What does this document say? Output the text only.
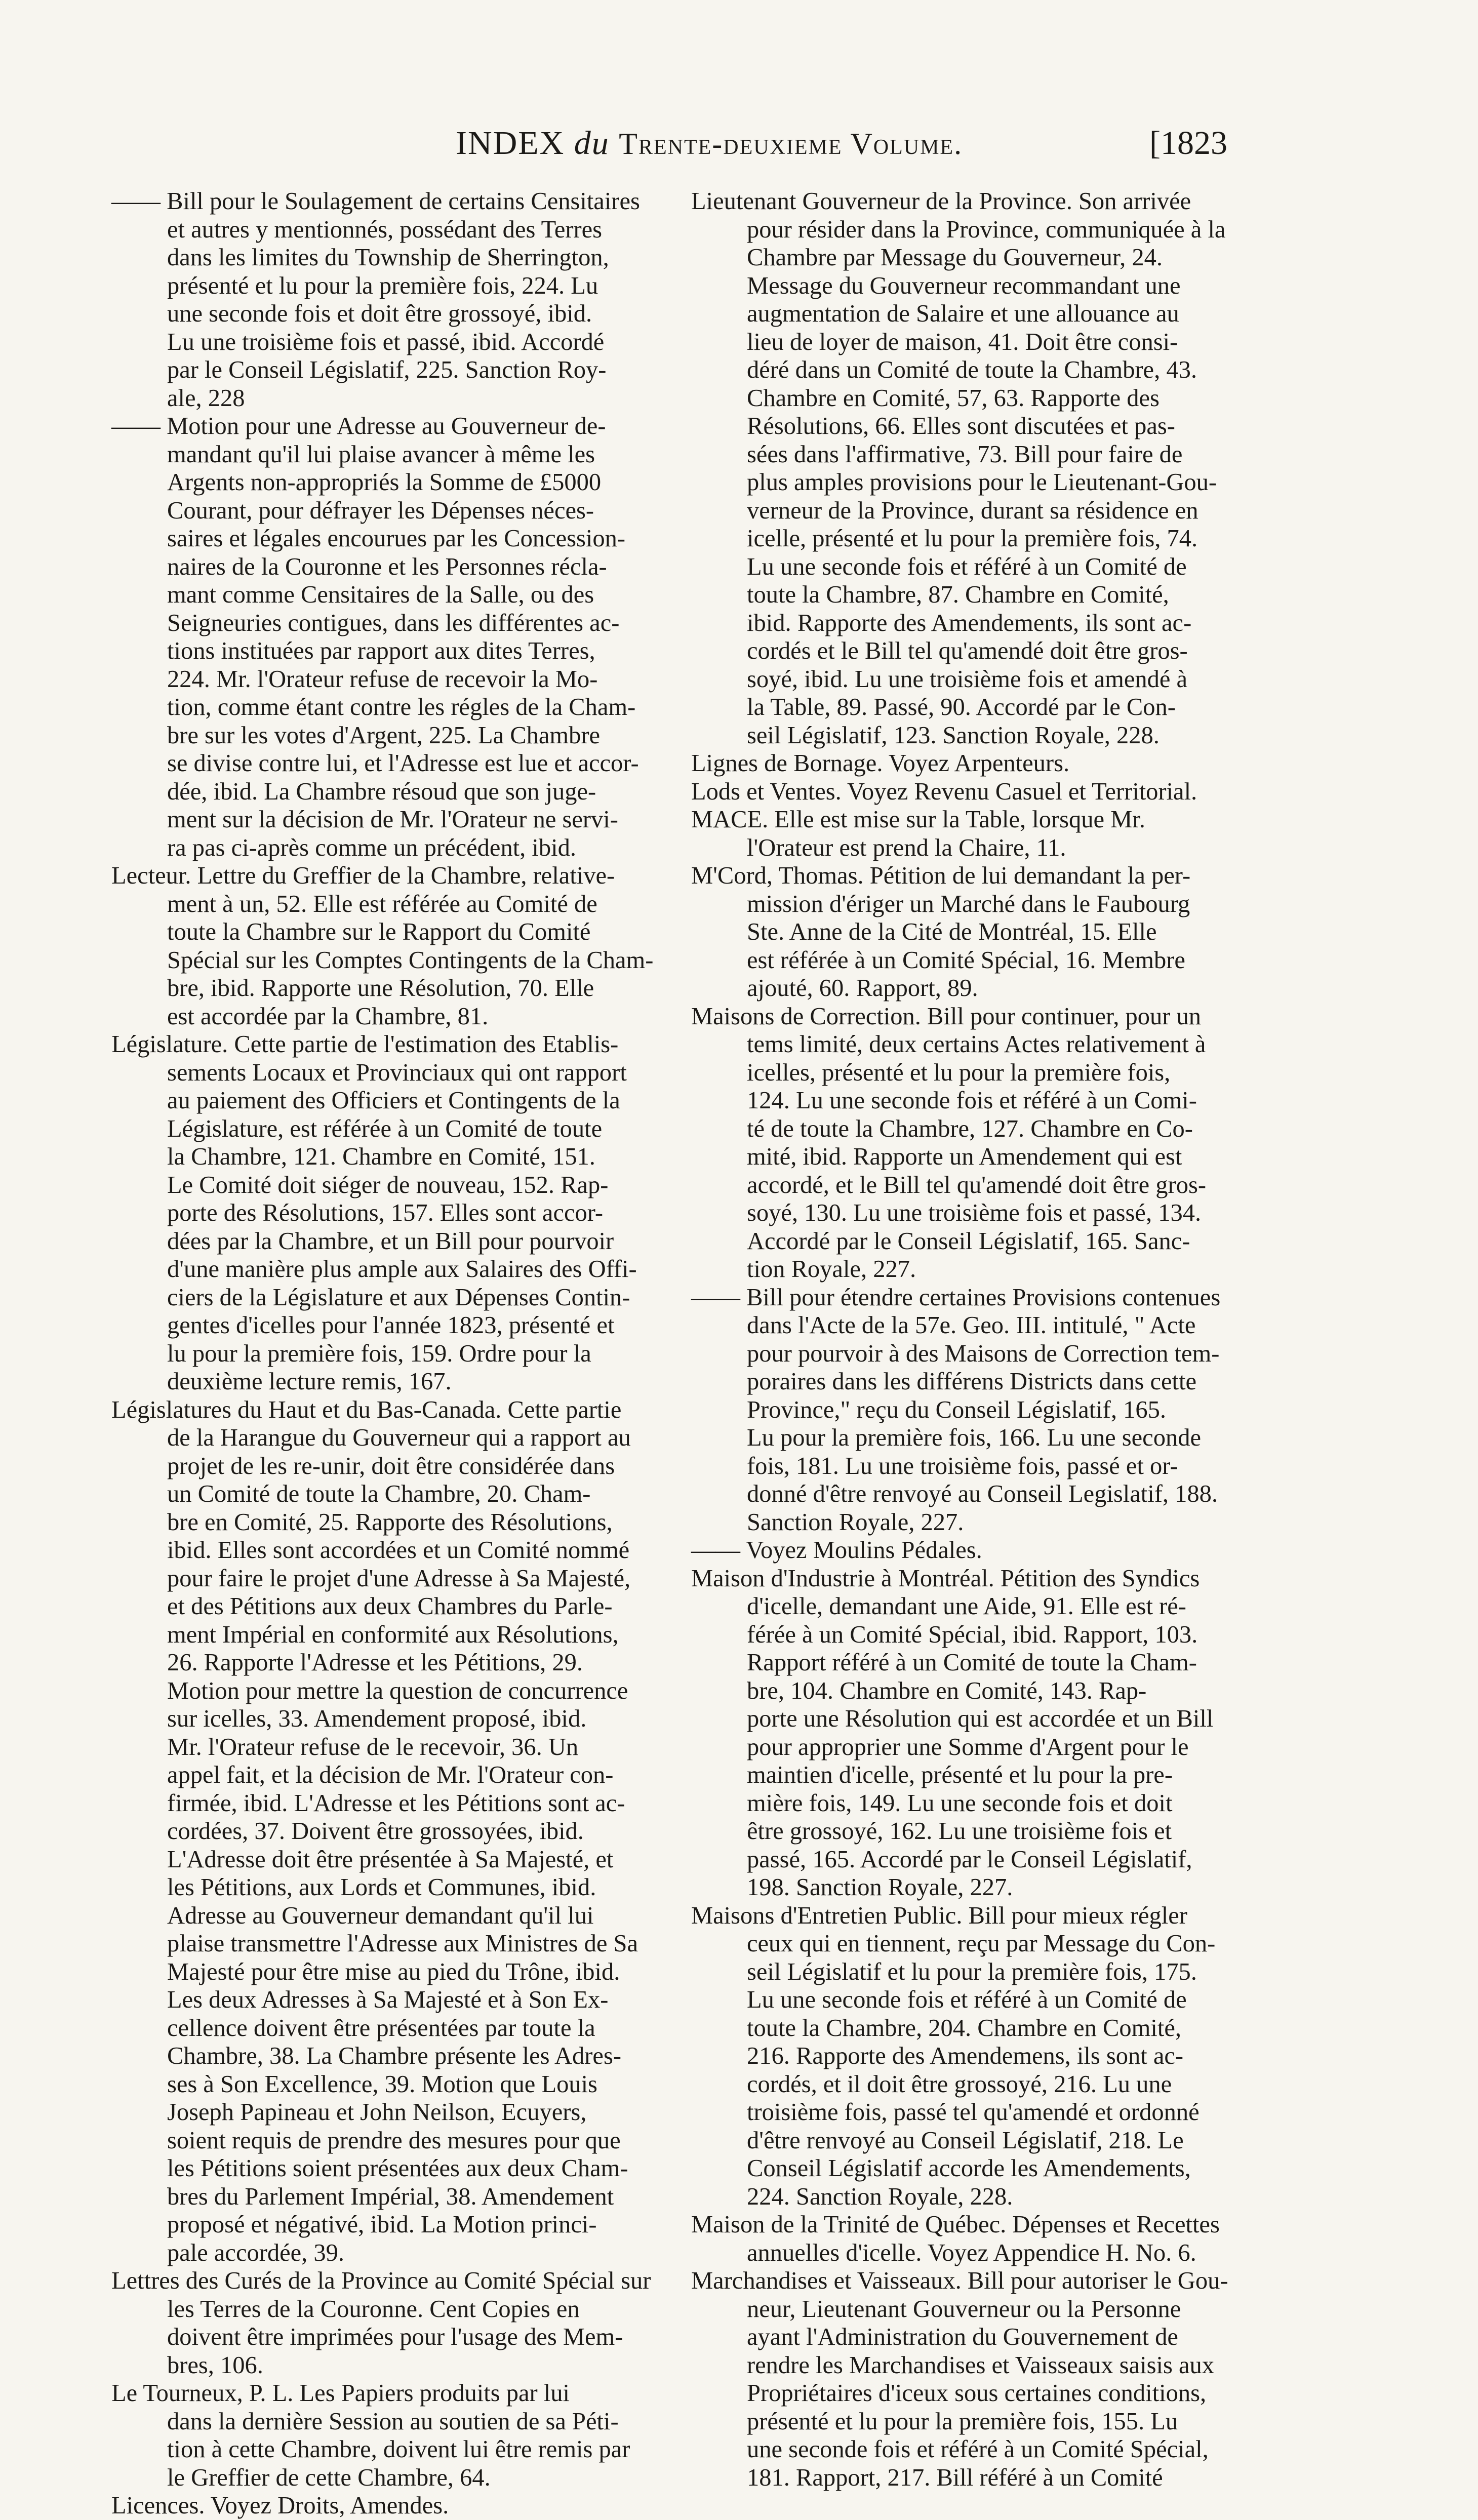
INDEX du Trente-deuxieme Volume.	[1823
—— Bill pour le Soulagement de certains Censitaires
et autres y mentionnés, possédant des Terres
dans les limites du Township de Sherrington,
présenté et lu pour la première fois, 224. Lu
une seconde fois et doit être grossoyé, ibid.
Lu une troisième fois et passé, ibid. Accordé
par le Conseil Législatif, 225. Sanction Roy-
ale, 228
—— Motion pour une Adresse au Gouverneur de-
mandant qu'il lui plaise avancer à même les
Argents non-appropriés la Somme de £5000
Courant, pour défrayer les Dépenses néces-
saires et légales encourues par les Concession-
naires de la Couronne et les Personnes récla-
mant comme Censitaires de la Salle, ou des
Seigneuries contigues, dans les différentes ac-
tions instituées par rapport aux dites Terres,
224. Mr. l'Orateur refuse de recevoir la Mo-
tion, comme étant contre les régles de la Cham-
bre sur les votes d'Argent, 225. La Chambre
se divise contre lui, et l'Adresse est lue et accor-
dée, ibid. La Chambre résoud que son juge-
ment sur la décision de Mr. l'Orateur ne servi-
ra pas ci-après comme un précédent, ibid.
Lecteur. Lettre du Greffier de la Chambre, relative-
ment à un, 52. Elle est référée au Comité de
toute la Chambre sur le Rapport du Comité
Spécial sur les Comptes Contingents de la Cham-
bre, ibid. Rapporte une Résolution, 70. Elle
est accordée par la Chambre, 81.
Législature. Cette partie de l'estimation des Etablis-
sements Locaux et Provinciaux qui ont rapport
au paiement des Officiers et Contingents de la
Législature, est référée à un Comité de toute
la Chambre, 121. Chambre en Comité, 151.
Le Comité doit siéger de nouveau, 152. Rap-
porte des Résolutions, 157. Elles sont accor-
dées par la Chambre, et un Bill pour pourvoir
d'une manière plus ample aux Salaires des Offi-
ciers de la Législature et aux Dépenses Contin-
gentes d'icelles pour l'année 1823, présenté et
lu pour la première fois, 159. Ordre pour la
deuxième lecture remis, 167.
Législatures du Haut et du Bas-Canada. Cette partie
de la Harangue du Gouverneur qui a rapport au
projet de les re-unir, doit être considérée dans
un Comité de toute la Chambre, 20. Cham-
bre en Comité, 25. Rapporte des Résolutions,
ibid. Elles sont accordées et un Comité nommé
pour faire le projet d'une Adresse à Sa Majesté,
et des Pétitions aux deux Chambres du Parle-
ment Impérial en conformité aux Résolutions,
26. Rapporte l'Adresse et les Pétitions, 29.
Motion pour mettre la question de concurrence
sur icelles, 33. Amendement proposé, ibid.
Mr. l'Orateur refuse de le recevoir, 36. Un
appel fait, et la décision de Mr. l'Orateur con-
firmée, ibid. L'Adresse et les Pétitions sont ac-
cordées, 37. Doivent être grossoyées, ibid.
L'Adresse doit être présentée à Sa Majesté, et
les Pétitions, aux Lords et Communes, ibid.
Adresse au Gouverneur demandant qu'il lui
plaise transmettre l'Adresse aux Ministres de Sa
Majesté pour être mise au pied du Trône, ibid.
Les deux Adresses à Sa Majesté et à Son Ex-
cellence doivent être présentées par toute la
Chambre, 38. La Chambre présente les Adres-
ses à Son Excellence, 39. Motion que Louis
Joseph Papineau et John Neilson, Ecuyers,
soient requis de prendre des mesures pour que
les Pétitions soient présentées aux deux Cham-
bres du Parlement Impérial, 38. Amendement
proposé et négativé, ibid. La Motion princi-
pale accordée, 39.
Lettres des Curés de la Province au Comité Spécial sur
les Terres de la Couronne. Cent Copies en
doivent être imprimées pour l'usage des Mem-
bres, 106.
Le Tourneux, P. L. Les Papiers produits par lui
dans la dernière Session au soutien de sa Péti-
tion à cette Chambre, doivent lui être remis par
le Greffier de cette Chambre, 64.
Licences. Voyez Droits, Amendes.
Lieutenant Gouverneur de la Province. Son arrivée
pour résider dans la Province, communiquée à la
Chambre par Message du Gouverneur, 24.
Message du Gouverneur recommandant une
augmentation de Salaire et une allouance au
lieu de loyer de maison, 41. Doit être consi-
déré dans un Comité de toute la Chambre, 43.
Chambre en Comité, 57, 63. Rapporte des
Résolutions, 66. Elles sont discutées et pas-
sées dans l'affirmative, 73. Bill pour faire de
plus amples provisions pour le Lieutenant-Gou-
verneur de la Province, durant sa résidence en
icelle, présenté et lu pour la première fois, 74.
Lu une seconde fois et référé à un Comité de
toute la Chambre, 87. Chambre en Comité,
ibid. Rapporte des Amendements, ils sont ac-
cordés et le Bill tel qu'amendé doit être gros-
soyé, ibid. Lu une troisième fois et amendé à
la Table, 89. Passé, 90. Accordé par le Con-
seil Législatif, 123. Sanction Royale, 228.
Lignes de Bornage. Voyez Arpenteurs.
Lods et Ventes. Voyez Revenu Casuel et Territorial.
MACE. Elle est mise sur la Table, lorsque Mr.
l'Orateur est prend la Chaire, 11.
M'Cord, Thomas. Pétition de lui demandant la per-
mission d'ériger un Marché dans le Faubourg
Ste. Anne de la Cité de Montréal, 15. Elle
est référée à un Comité Spécial, 16. Membre
ajouté, 60. Rapport, 89.
Maisons de Correction. Bill pour continuer, pour un
tems limité, deux certains Actes relativement à
icelles, présenté et lu pour la première fois,
124. Lu une seconde fois et référé à un Comi-
té de toute la Chambre, 127. Chambre en Co-
mité, ibid. Rapporte un Amendement qui est
accordé, et le Bill tel qu'amendé doit être gros-
soyé, 130. Lu une troisième fois et passé, 134.
Accordé par le Conseil Législatif, 165. Sanc-
tion Royale, 227.
—— Bill pour étendre certaines Provisions contenues
dans l'Acte de la 57e. Geo. III. intitulé, " Acte
pour pourvoir à des Maisons de Correction tem-
poraires dans les différens Districts dans cette
Province," reçu du Conseil Législatif, 165.
Lu pour la première fois, 166. Lu une seconde
fois, 181. Lu une troisième fois, passé et or-
donné d'être renvoyé au Conseil Legislatif, 188.
Sanction Royale, 227.
—— Voyez Moulins Pédales.
Maison d'Industrie à Montréal. Pétition des Syndics
d'icelle, demandant une Aide, 91. Elle est ré-
férée à un Comité Spécial, ibid. Rapport, 103.
Rapport référé à un Comité de toute la Cham-
bre, 104. Chambre en Comité, 143. Rap-
porte une Résolution qui est accordée et un Bill
pour approprier une Somme d'Argent pour le
maintien d'icelle, présenté et lu pour la pre-
mière fois, 149. Lu une seconde fois et doit
être grossoyé, 162. Lu une troisième fois et
passé, 165. Accordé par le Conseil Législatif,
198. Sanction Royale, 227.
Maisons d'Entretien Public. Bill pour mieux régler
ceux qui en tiennent, reçu par Message du Con-
seil Législatif et lu pour la première fois, 175.
Lu une seconde fois et référé à un Comité de
toute la Chambre, 204. Chambre en Comité,
216. Rapporte des Amendemens, ils sont ac-
cordés, et il doit être grossoyé, 216. Lu une
troisième fois, passé tel qu'amendé et ordonné
d'être renvoyé au Conseil Législatif, 218. Le
Conseil Législatif accorde les Amendements,
224. Sanction Royale, 228.
Maison de la Trinité de Québec. Dépenses et Recettes
annuelles d'icelle. Voyez Appendice H. No. 6.
Marchandises et Vaisseaux. Bill pour autoriser le Gou-
neur, Lieutenant Gouverneur ou la Personne
ayant l'Administration du Gouvernement de
rendre les Marchandises et Vaisseaux saisis aux
Propriétaires d'iceux sous certaines conditions,
présenté et lu pour la première fois, 155. Lu
une seconde fois et référé à un Comité Spécial,
181. Rapport, 217. Bill référé à un Comité
